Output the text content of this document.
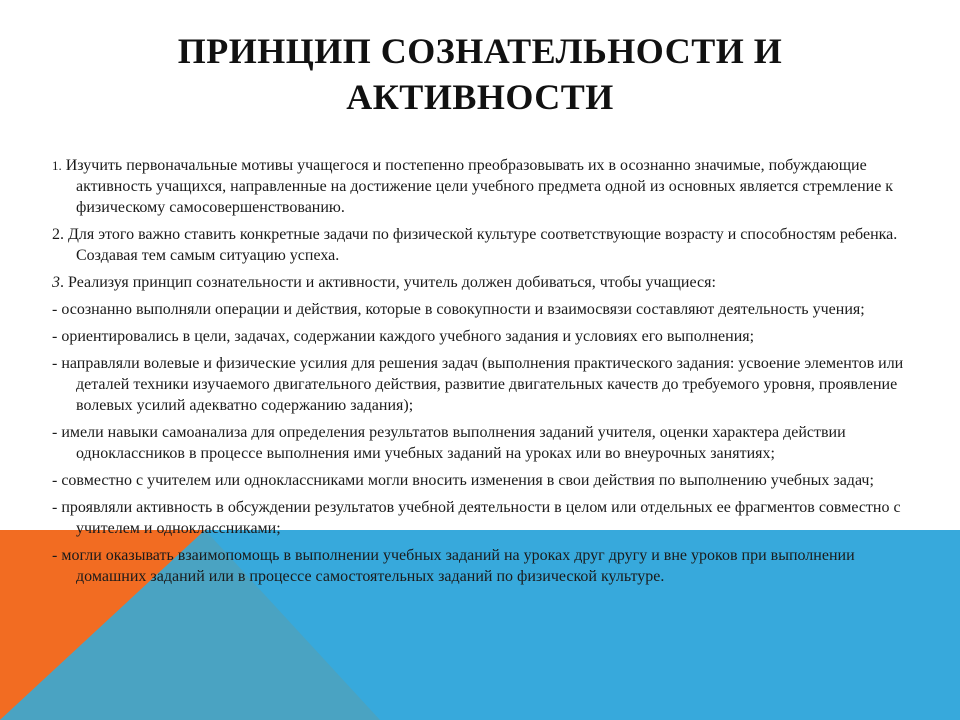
ПРИНЦИП СОЗНАТЕЛЬНОСТИ И
АКТИВНОСТИ

1. Изучить первоначальные мотивы учащегося и постепенно преобразовывать их в осознанно значимые, побуждающие активность учащихся, направленные на достижение цели учебного предмета одной из основных является стремление к физическому самосовершенствованию.

2. Для этого важно ставить конкретные задачи по физической культуре соответствующие возрасту и способностям ребенка. Создавая тем самым ситуацию успеха.

3. Реализуя принцип сознательности и активности, учитель должен добиваться, чтобы учащиеся:

- осознанно выполняли операции и действия, которые в совокупности и взаимосвязи составляют деятельность учения;

- ориентировались в цели, задачах, содержании каждого учебного задания и условиях его выполнения;

- направляли волевые и физические усилия для решения задач (выполнения практического задания: усвоение элементов или деталей техники изучаемого двигательного действия, развитие двигательных качеств до требуемого уровня, проявление волевых усилий адекватно содержанию задания);

- имели навыки самоанализа для определения результатов выполнения заданий учителя, оценки характера действии одноклассников в процессе выполнения ими учебных заданий на уроках или во внеурочных занятиях;

- совместно с учителем или одноклассниками могли вносить изменения в свои действия по выполнению учебных задач;

- проявляли активность в обсуждении результатов учебной деятельности в целом или отдельных ее фрагментов совместно с учителем и одноклассниками;

- могли оказывать взаимопомощь в выполнении учебных заданий на уроках друг другу и вне уроков при выполнении домашних заданий или в процессе самостоятельных заданий по физической культуре.
